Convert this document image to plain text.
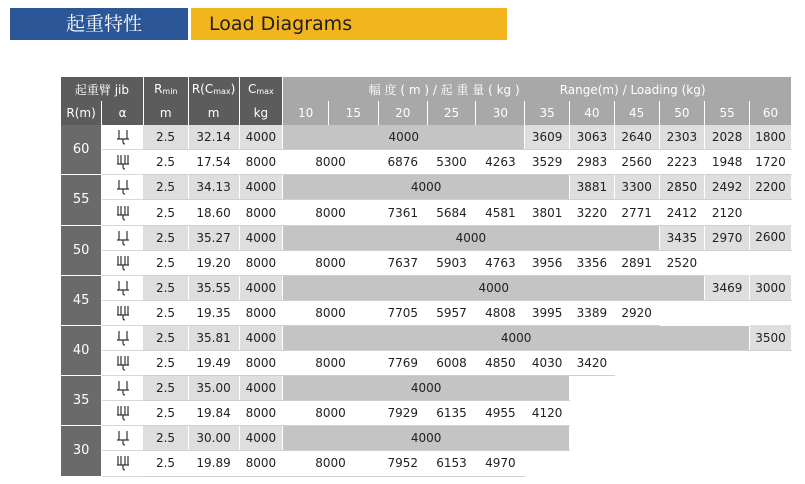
起重特性	Load Diagrams
起重臂 jib		Rmin	R(Cmax)	Cmax	幅 度 ( m ) / 起 重 量 ( kg ) Range(m) / Loading (kg)										
R(m)	α	m	m	kg	10	15	20	25	30	35	40	45	50	55	60
60		2.5	32.14	4000	4000					3609	3063	2640	2303	2028	1800
	2.5	17.54	8000	8000		6876	5300	4263	3529	2983	2560	2223	1948	1720
55		2.5	34.13	4000	4000						3881	3300	2850	2492	2200
	2.5	18.60	8000	8000		7361	5684	4581	3801	3220	2771	2412	2120	
50		2.5	35.27	4000	4000								3435	2970	2600
	2.5	19.20	8000	8000		7637	5903	4763	3956	3356	2891	2520		
45		2.5	35.55	4000	4000									3469	3000
	2.5	19.35	8000	8000		7705	5957	4808	3995	3389	2920			
40		2.5	35.81	4000	4000										3500
	2.5	19.49	8000	8000		7769	6008	4850	4030	3420				
35		2.5	35.00	4000	4000										
	2.5	19.84	8000	8000		7929	6135	4955	4120					
30		2.5	30.00	4000	4000										
	2.5	19.89	8000	8000		7952	6153	4970						
